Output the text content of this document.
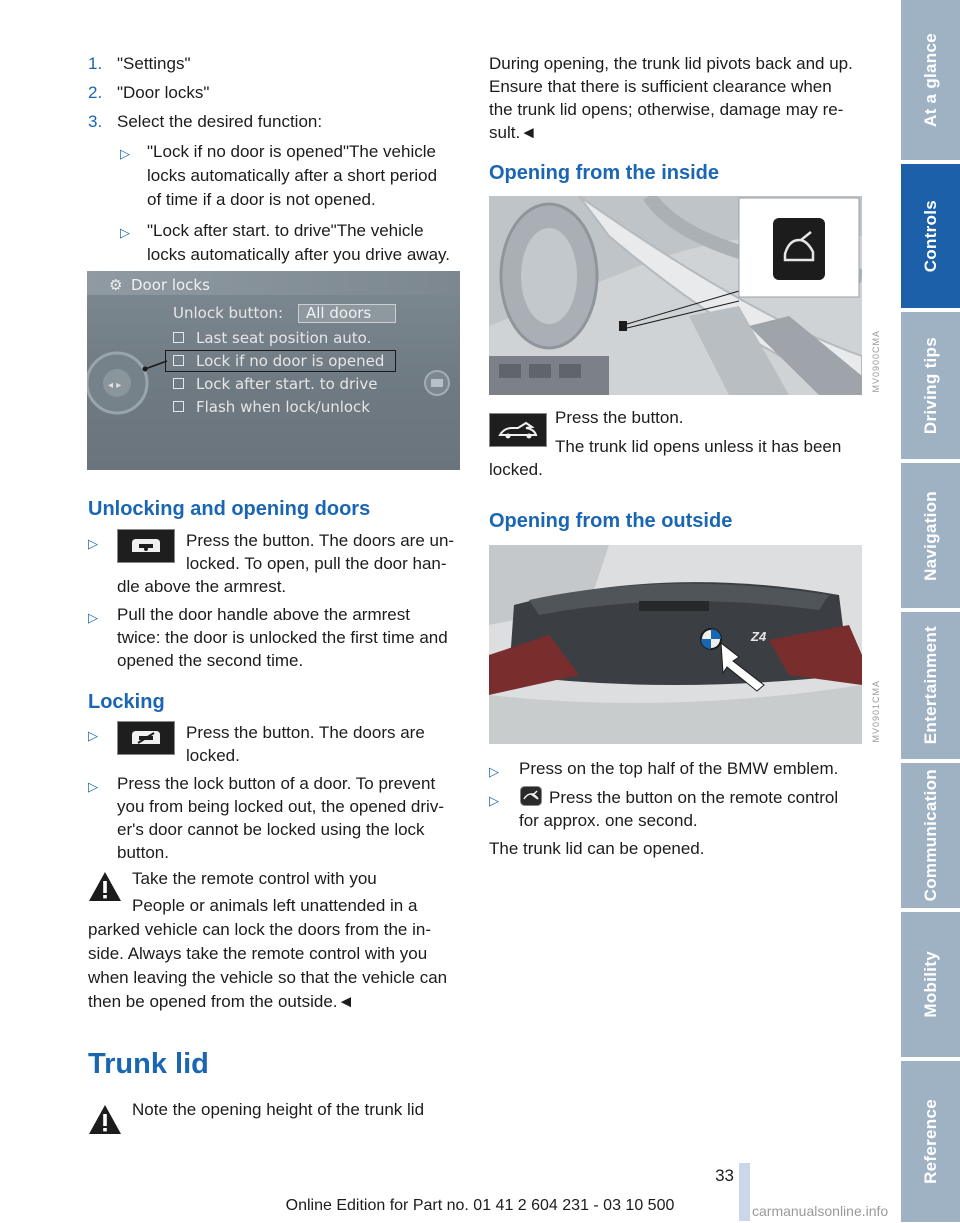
1. "Settings"
2. "Door locks"
3. Select the desired function:
▷ "Lock if no door is opened"The vehicle
locks automatically after a short period
of time if a door is not opened.
▷ "Lock after start. to drive"The vehicle
locks automatically after you drive away.
⚙ Door locks
Unlock button: All doors
Last seat position auto.
Lock if no door is opened
Lock after start. to drive
Flash when lock/unlock
◂ ▸
Unlocking and opening doors
▷	Press the button. The doors are un-
locked. To open, pull the door han-
dle above the armrest.
▷ Pull the door handle above the armrest
twice: the door is unlocked the first time and
opened the second time.
Locking
▷	Press the button. The doors are
locked.
▷ Press the lock button of a door. To prevent
you from being locked out, the opened driv-
er's door cannot be locked using the lock
button.
Take the remote control with you
People or animals left unattended in a
parked vehicle can lock the doors from the in-
side. Always take the remote control with you
when leaving the vehicle so that the vehicle can
then be opened from the outside.◄
Trunk lid
Note the opening height of the trunk lid
During opening, the trunk lid pivots back and up.
Ensure that there is sufficient clearance when
the trunk lid opens; otherwise, damage may re-
sult.◄
Opening from the inside
MV0900CMA
Press the button.
The trunk lid opens unless it has been
locked.
Opening from the outside
Z4
MV0901CMA
▷ Press on the top half of the BMW emblem.
▷	Press the button on the remote control
for approx. one second.
The trunk lid can be opened.
At a glance
Controls
Driving tips
Navigation
Entertainment
Communication
Mobility
Reference
33
Online Edition for Part no. 01 41 2 604 231 - 03 10 500	carmanualsonline.info
